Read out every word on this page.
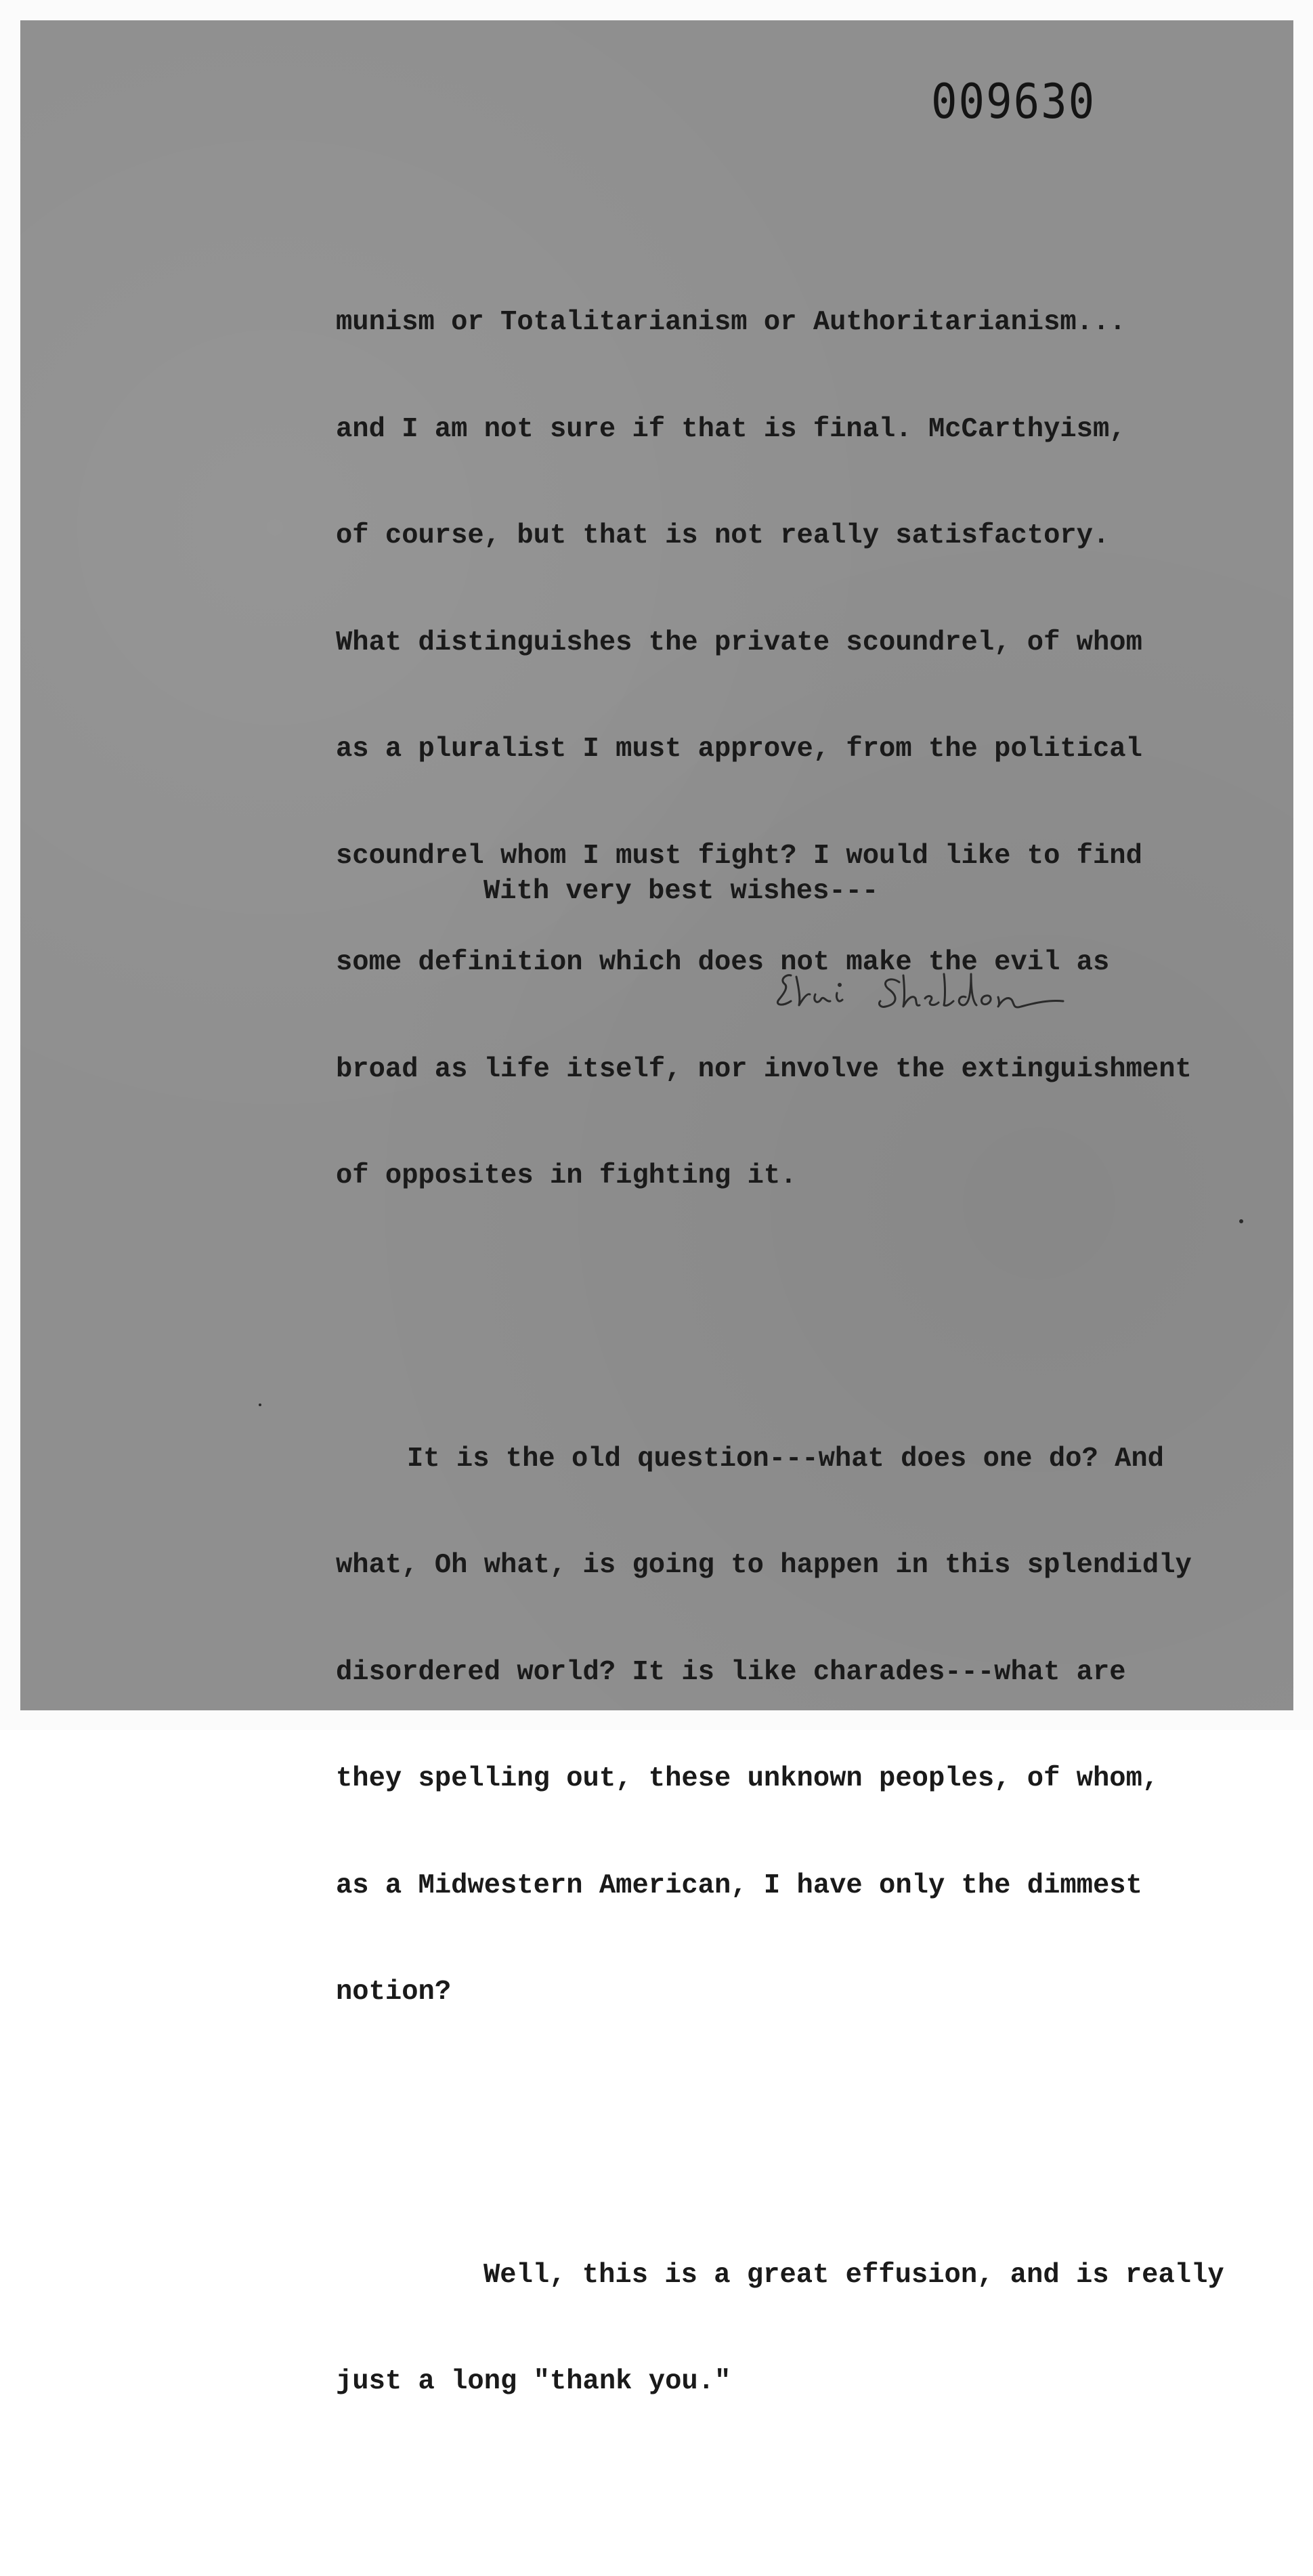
009630

munism or Totalitarianism or Authoritarianism...

and I am not sure if that is final. McCarthyism,

of course, but that is not really satisfactory.

What distinguishes the private scoundrel, of whom

as a pluralist I must approve, from the political

scoundrel whom I must fight? I would like to find

some definition which does not make the evil as

broad as life itself, nor involve the extinguishment

of opposites in fighting it.

It is the old question---what does one do? And

what, Oh what, is going to happen in this splendidly

disordered world? It is like charades---what are

they spelling out, these unknown peoples, of whom,

as a Midwestern American, I have only the dimmest

notion?

Well, this is a great effusion, and is really

just a long "thank you."

With very best wishes---
